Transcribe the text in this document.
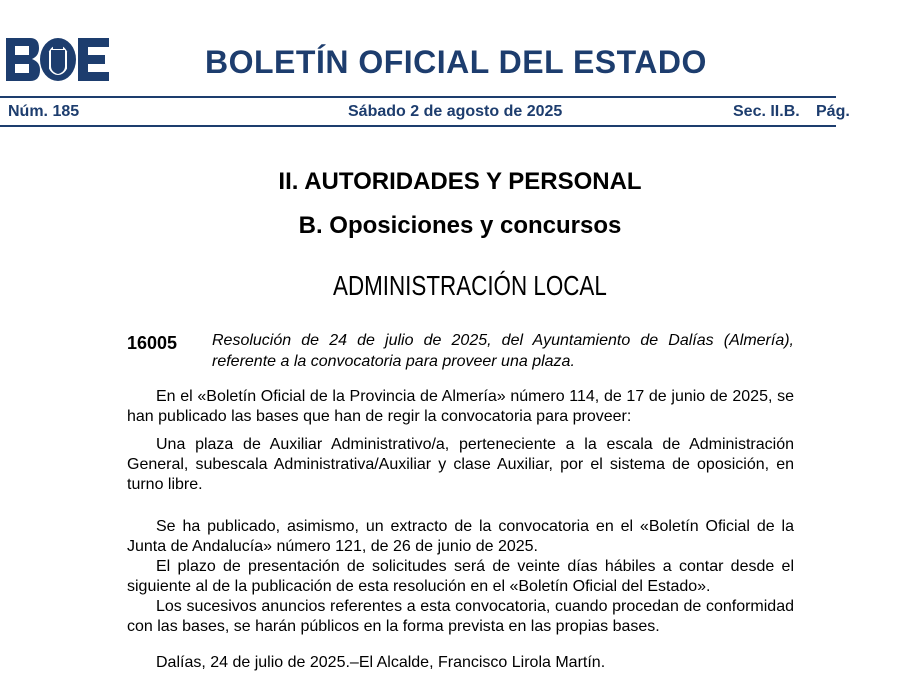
BOLETÍN OFICIAL DEL ESTADO
Núm. 185	Sábado 2 de agosto de 2025	Sec. II.B. Pág.
II. AUTORIDADES Y PERSONAL
B. Oposiciones y concursos
ADMINISTRACIÓN LOCAL
16005 Resolución de 24 de julio de 2025, del Ayuntamiento de Dalías (Almería), referente a la convocatoria para proveer una plaza.

En el «Boletín Oficial de la Provincia de Almería» número 114, de 17 de junio de 2025, se han publicado las bases que han de regir la convocatoria para proveer:

Una plaza de Auxiliar Administrativo/a, perteneciente a la escala de Administración General, subescala Administrativa/Auxiliar y clase Auxiliar, por el sistema de oposición, en turno libre.

Se ha publicado, asimismo, un extracto de la convocatoria en el «Boletín Oficial de la Junta de Andalucía» número 121, de 26 de junio de 2025.

El plazo de presentación de solicitudes será de veinte días hábiles a contar desde el siguiente al de la publicación de esta resolución en el «Boletín Oficial del Estado».

Los sucesivos anuncios referentes a esta convocatoria, cuando procedan de conformidad con las bases, se harán públicos en la forma prevista en las propias bases.

Dalías, 24 de julio de 2025.–El Alcalde, Francisco Lirola Martín.
